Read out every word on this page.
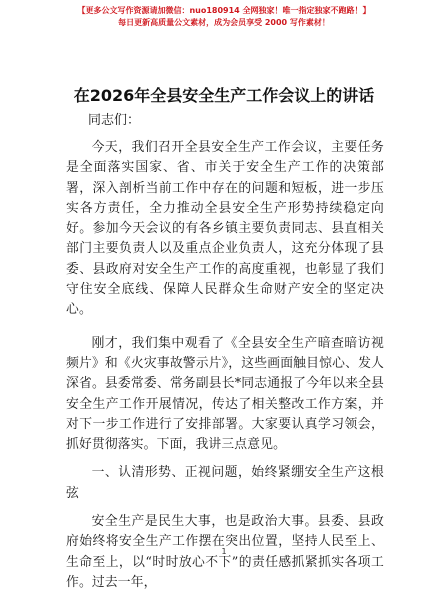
【更多公文写作资源请加微信：nuo180914 全网独家！唯一指定独家不跑路！】
每日更新高质量公文素材，成为会员享受 2000 写作素材！
在2026年全县安全生产工作会议上的讲话
同志们：

今天，我们召开全县安全生产工作会议，主要任务是全面落实国家、省、市关于安全生产工作的决策部署，深入剖析当前工作中存在的问题和短板，进一步压实各方责任，全力推动全县安全生产形势持续稳定向好。参加今天会议的有各乡镇主要负责同志、县直相关部门主要负责人以及重点企业负责人，这充分体现了县委、县政府对安全生产工作的高度重视，也彰显了我们守住安全底线、保障人民群众生命财产安全的坚定决心。

刚才，我们集中观看了《全县安全生产暗查暗访视频片》和《火灾事故警示片》，这些画面触目惊心、发人深省。县委常委、常务副县长*同志通报了今年以来全县安全生产工作开展情况，传达了相关整改工作方案，并对下一步工作进行了安排部署。大家要认真学习领会，抓好贯彻落实。下面，我讲三点意见。

一、认清形势、正视问题，始终紧绷安全生产这根弦

安全生产是民生大事，也是政治大事。县委、县政府始终将安全生产工作摆在突出位置，坚持人民至上、生命至上，以“时时放心不下”的责任感抓紧抓实各项工作。过去一年，

1
